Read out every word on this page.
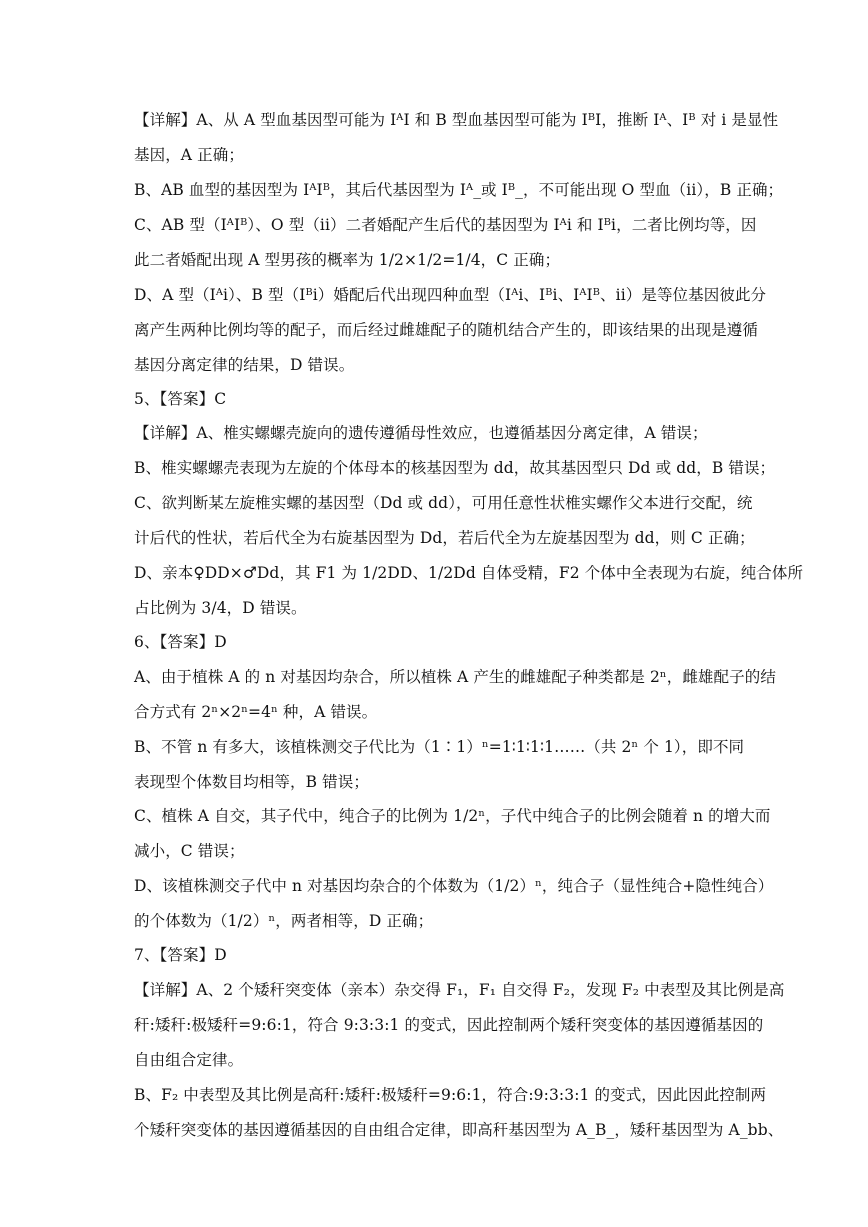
【详解】A、从 A 型血基因型可能为 IᴬI 和 B 型血基因型可能为 IᴮI，推断 Iᴬ、Iᴮ 对 i 是显性
基因，A 正确；
B、AB 血型的基因型为 IᴬIᴮ，其后代基因型为 Iᴬ_或 Iᴮ_，不可能出现 O 型血（ii），B 正确；
C、AB 型（IᴬIᴮ）、O 型（ii）二者婚配产生后代的基因型为 Iᴬi 和 Iᴮi，二者比例均等，因
此二者婚配出现 A 型男孩的概率为 1/2×1/2=1/4，C 正确；
D、A 型（Iᴬi）、B 型（Iᴮi）婚配后代出现四种血型（Iᴬi、Iᴮi、IᴬIᴮ、ii）是等位基因彼此分
离产生两种比例均等的配子，而后经过雌雄配子的随机结合产生的，即该结果的出现是遵循
基因分离定律的结果，D 错误。
5、【答案】C
【详解】A、椎实螺螺壳旋向的遗传遵循母性效应，也遵循基因分离定律，A 错误；
B、椎实螺螺壳表现为左旋的个体母本的核基因型为 dd，故其基因型只 Dd 或 dd，B 错误；
C、欲判断某左旋椎实螺的基因型（Dd 或 dd），可用任意性状椎实螺作父本进行交配，统
计后代的性状，若后代全为右旋基因型为 Dd，若后代全为左旋基因型为 dd，则 C 正确；
D、亲本♀DD×♂Dd，其 F1 为 1/2DD、1/2Dd 自体受精，F2 个体中全表现为右旋，纯合体所
占比例为 3/4，D 错误。
6、【答案】D
A、由于植株 A 的 n 对基因均杂合，所以植株 A 产生的雌雄配子种类都是 2ⁿ，雌雄配子的结
合方式有 2ⁿ×2ⁿ=4ⁿ 种，A 错误。
B、不管 n 有多大，该植株测交子代比为（1∶1）ⁿ=1∶1∶1∶1……（共 2ⁿ 个 1），即不同
表现型个体数目均相等，B 错误；
C、植株 A 自交，其子代中，纯合子的比例为 1/2ⁿ，子代中纯合子的比例会随着 n 的增大而
减小，C 错误；
D、该植株测交子代中 n 对基因均杂合的个体数为（1/2）ⁿ，纯合子（显性纯合+隐性纯合）
的个体数为（1/2）ⁿ，两者相等，D 正确；
7、【答案】D
【详解】A、2 个矮秆突变体（亲本）杂交得 F₁，F₁ 自交得 F₂，发现 F₂ 中表型及其比例是高
秆:矮秆:极矮秆=9:6:1，符合 9:3:3:1 的变式，因此控制两个矮秆突变体的基因遵循基因的
自由组合定律。
B、F₂ 中表型及其比例是高秆:矮秆:极矮秆=9:6:1，符合:9:3:3:1 的变式，因此因此控制两
个矮秆突变体的基因遵循基因的自由组合定律，即高秆基因型为 A_B_，矮秆基因型为 A_bb、
